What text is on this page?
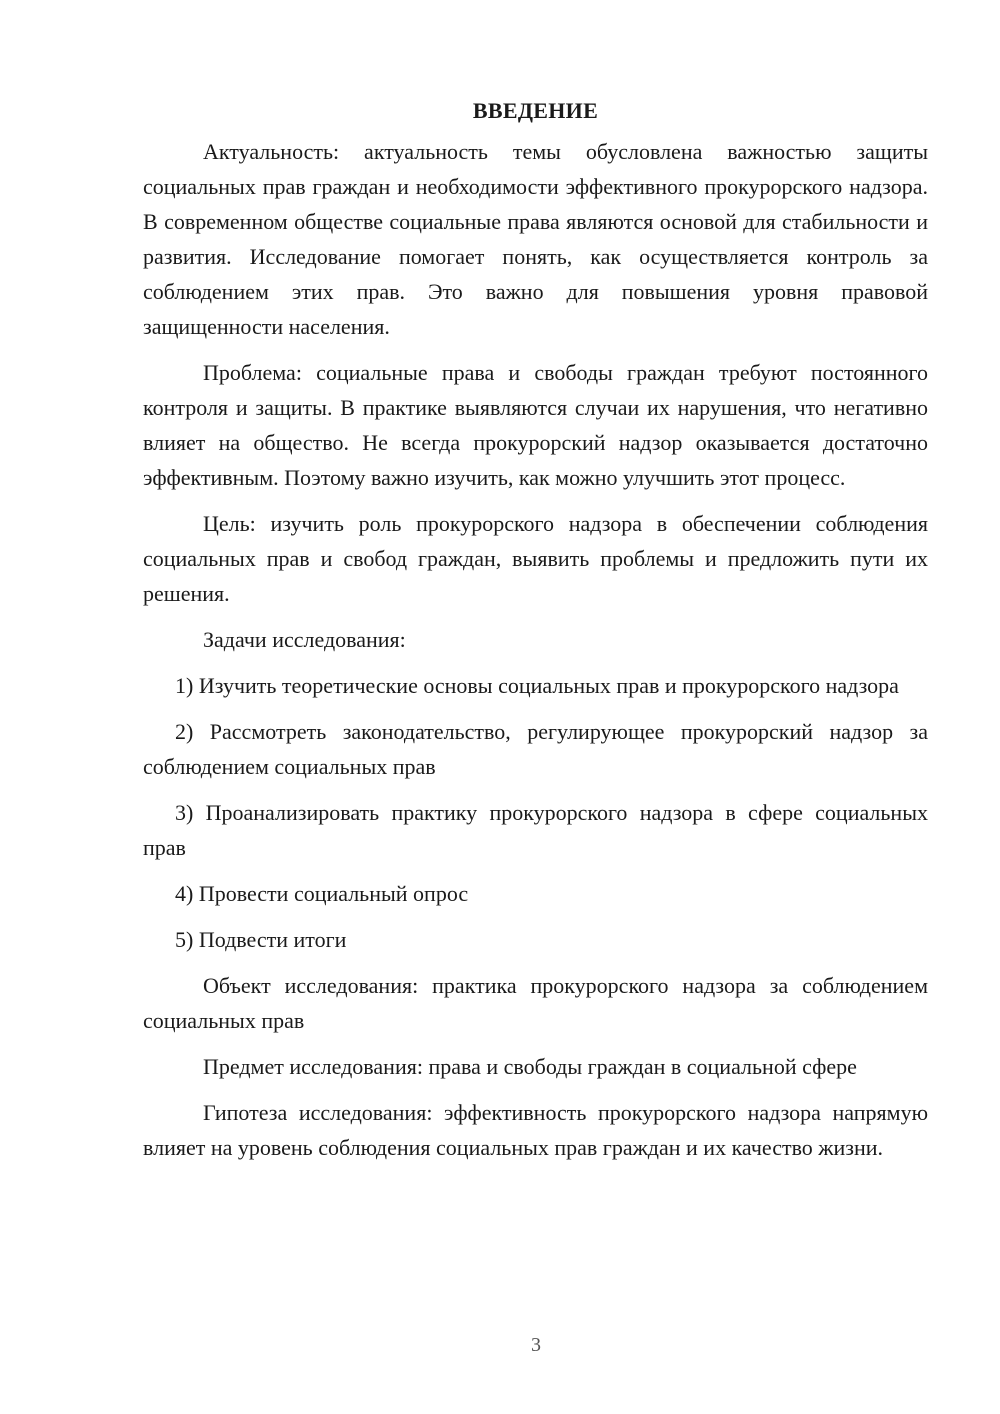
ВВЕДЕНИЕ

Актуальность: актуальность темы обусловлена важностью защиты социальных прав граждан и необходимости эффективного прокурорского надзора. В современном обществе социальные права являются основой для стабильности и развития. Исследование помогает понять, как осуществляется контроль за соблюдением этих прав. Это важно для повышения уровня правовой защищенности населения.

Проблема: социальные права и свободы граждан требуют постоянного контроля и защиты. В практике выявляются случаи их нарушения, что негативно влияет на общество. Не всегда прокурорский надзор оказывается достаточно эффективным. Поэтому важно изучить, как можно улучшить этот процесс.

Цель: изучить роль прокурорского надзора в обеспечении соблюдения социальных прав и свобод граждан, выявить проблемы и предложить пути их решения.

Задачи исследования:

1) Изучить теоретические основы социальных прав и прокурорского надзора

2) Рассмотреть законодательство, регулирующее прокурорский надзор за соблюдением социальных прав

3) Проанализировать практику прокурорского надзора в сфере социальных прав

4) Провести социальный опрос

5) Подвести итоги

Объект исследования: практика прокурорского надзора за соблюдением социальных прав

Предмет исследования: права и свободы граждан в социальной сфере

Гипотеза исследования: эффективность прокурорского надзора напрямую влияет на уровень соблюдения социальных прав граждан и их качество жизни.

3
